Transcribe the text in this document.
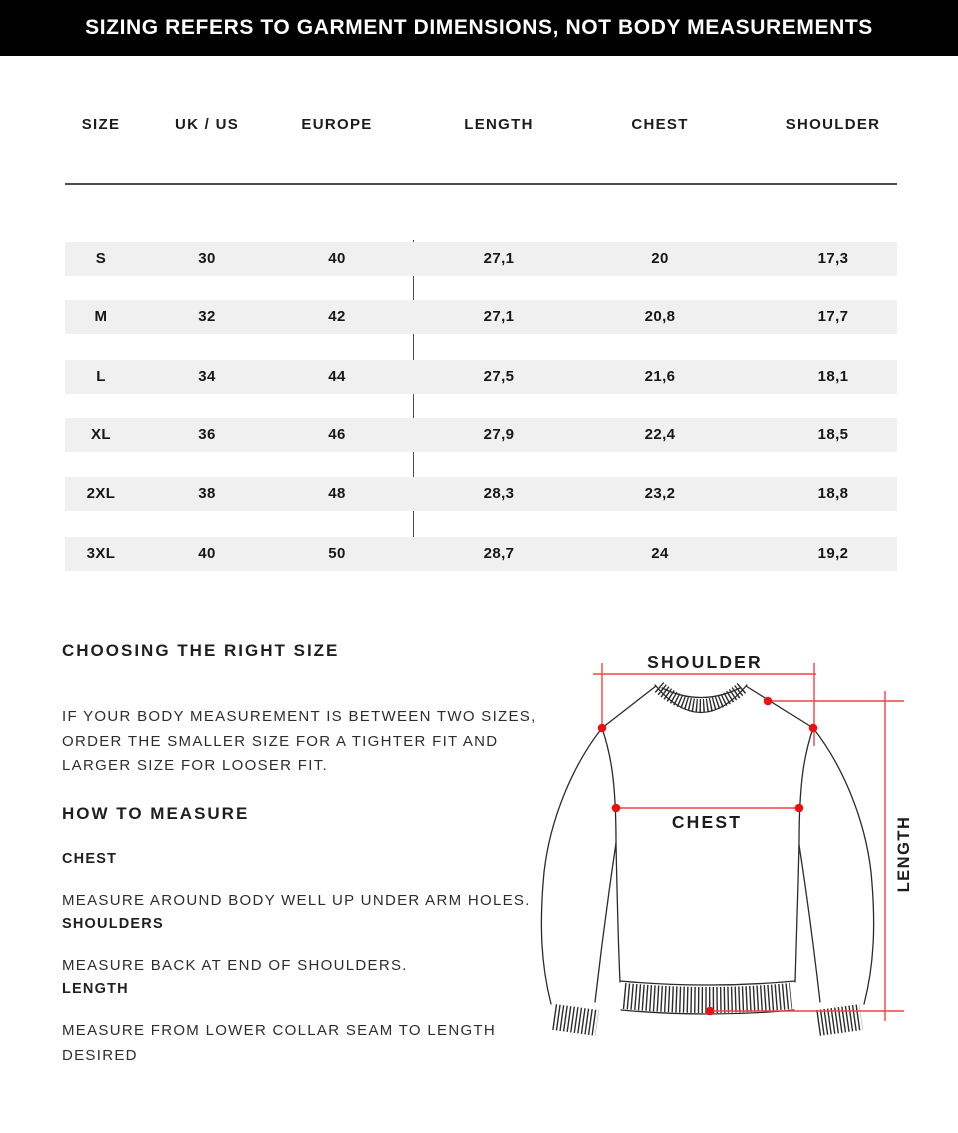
SIZING REFERS TO GARMENT DIMENSIONS, NOT BODY MEASUREMENTS
SIZE	UK / US	EUROPE	LENGTH	CHEST	SHOULDER
S	30	40	27,1	20	17,3
M	32	42	27,1	20,8	17,7
L	34	44	27,5	21,6	18,1
XL	36	46	27,9	22,4	18,5
2XL	38	48	28,3	23,2	18,8
3XL	40	50	28,7	24	19,2
CHOOSING THE RIGHT SIZE

IF YOUR BODY MEASUREMENT IS BETWEEN TWO SIZES, ORDER THE SMALLER SIZE FOR A TIGHTER FIT AND LARGER SIZE FOR LOOSER FIT.

HOW TO MEASURE
CHEST

MEASURE AROUND BODY WELL UP UNDER ARM HOLES.

SHOULDERS

MEASURE BACK AT END OF SHOULDERS.

LENGTH

MEASURE FROM LOWER COLLAR SEAM TO LENGTH DESIRED

SHOULDER
CHEST	LENGTH
